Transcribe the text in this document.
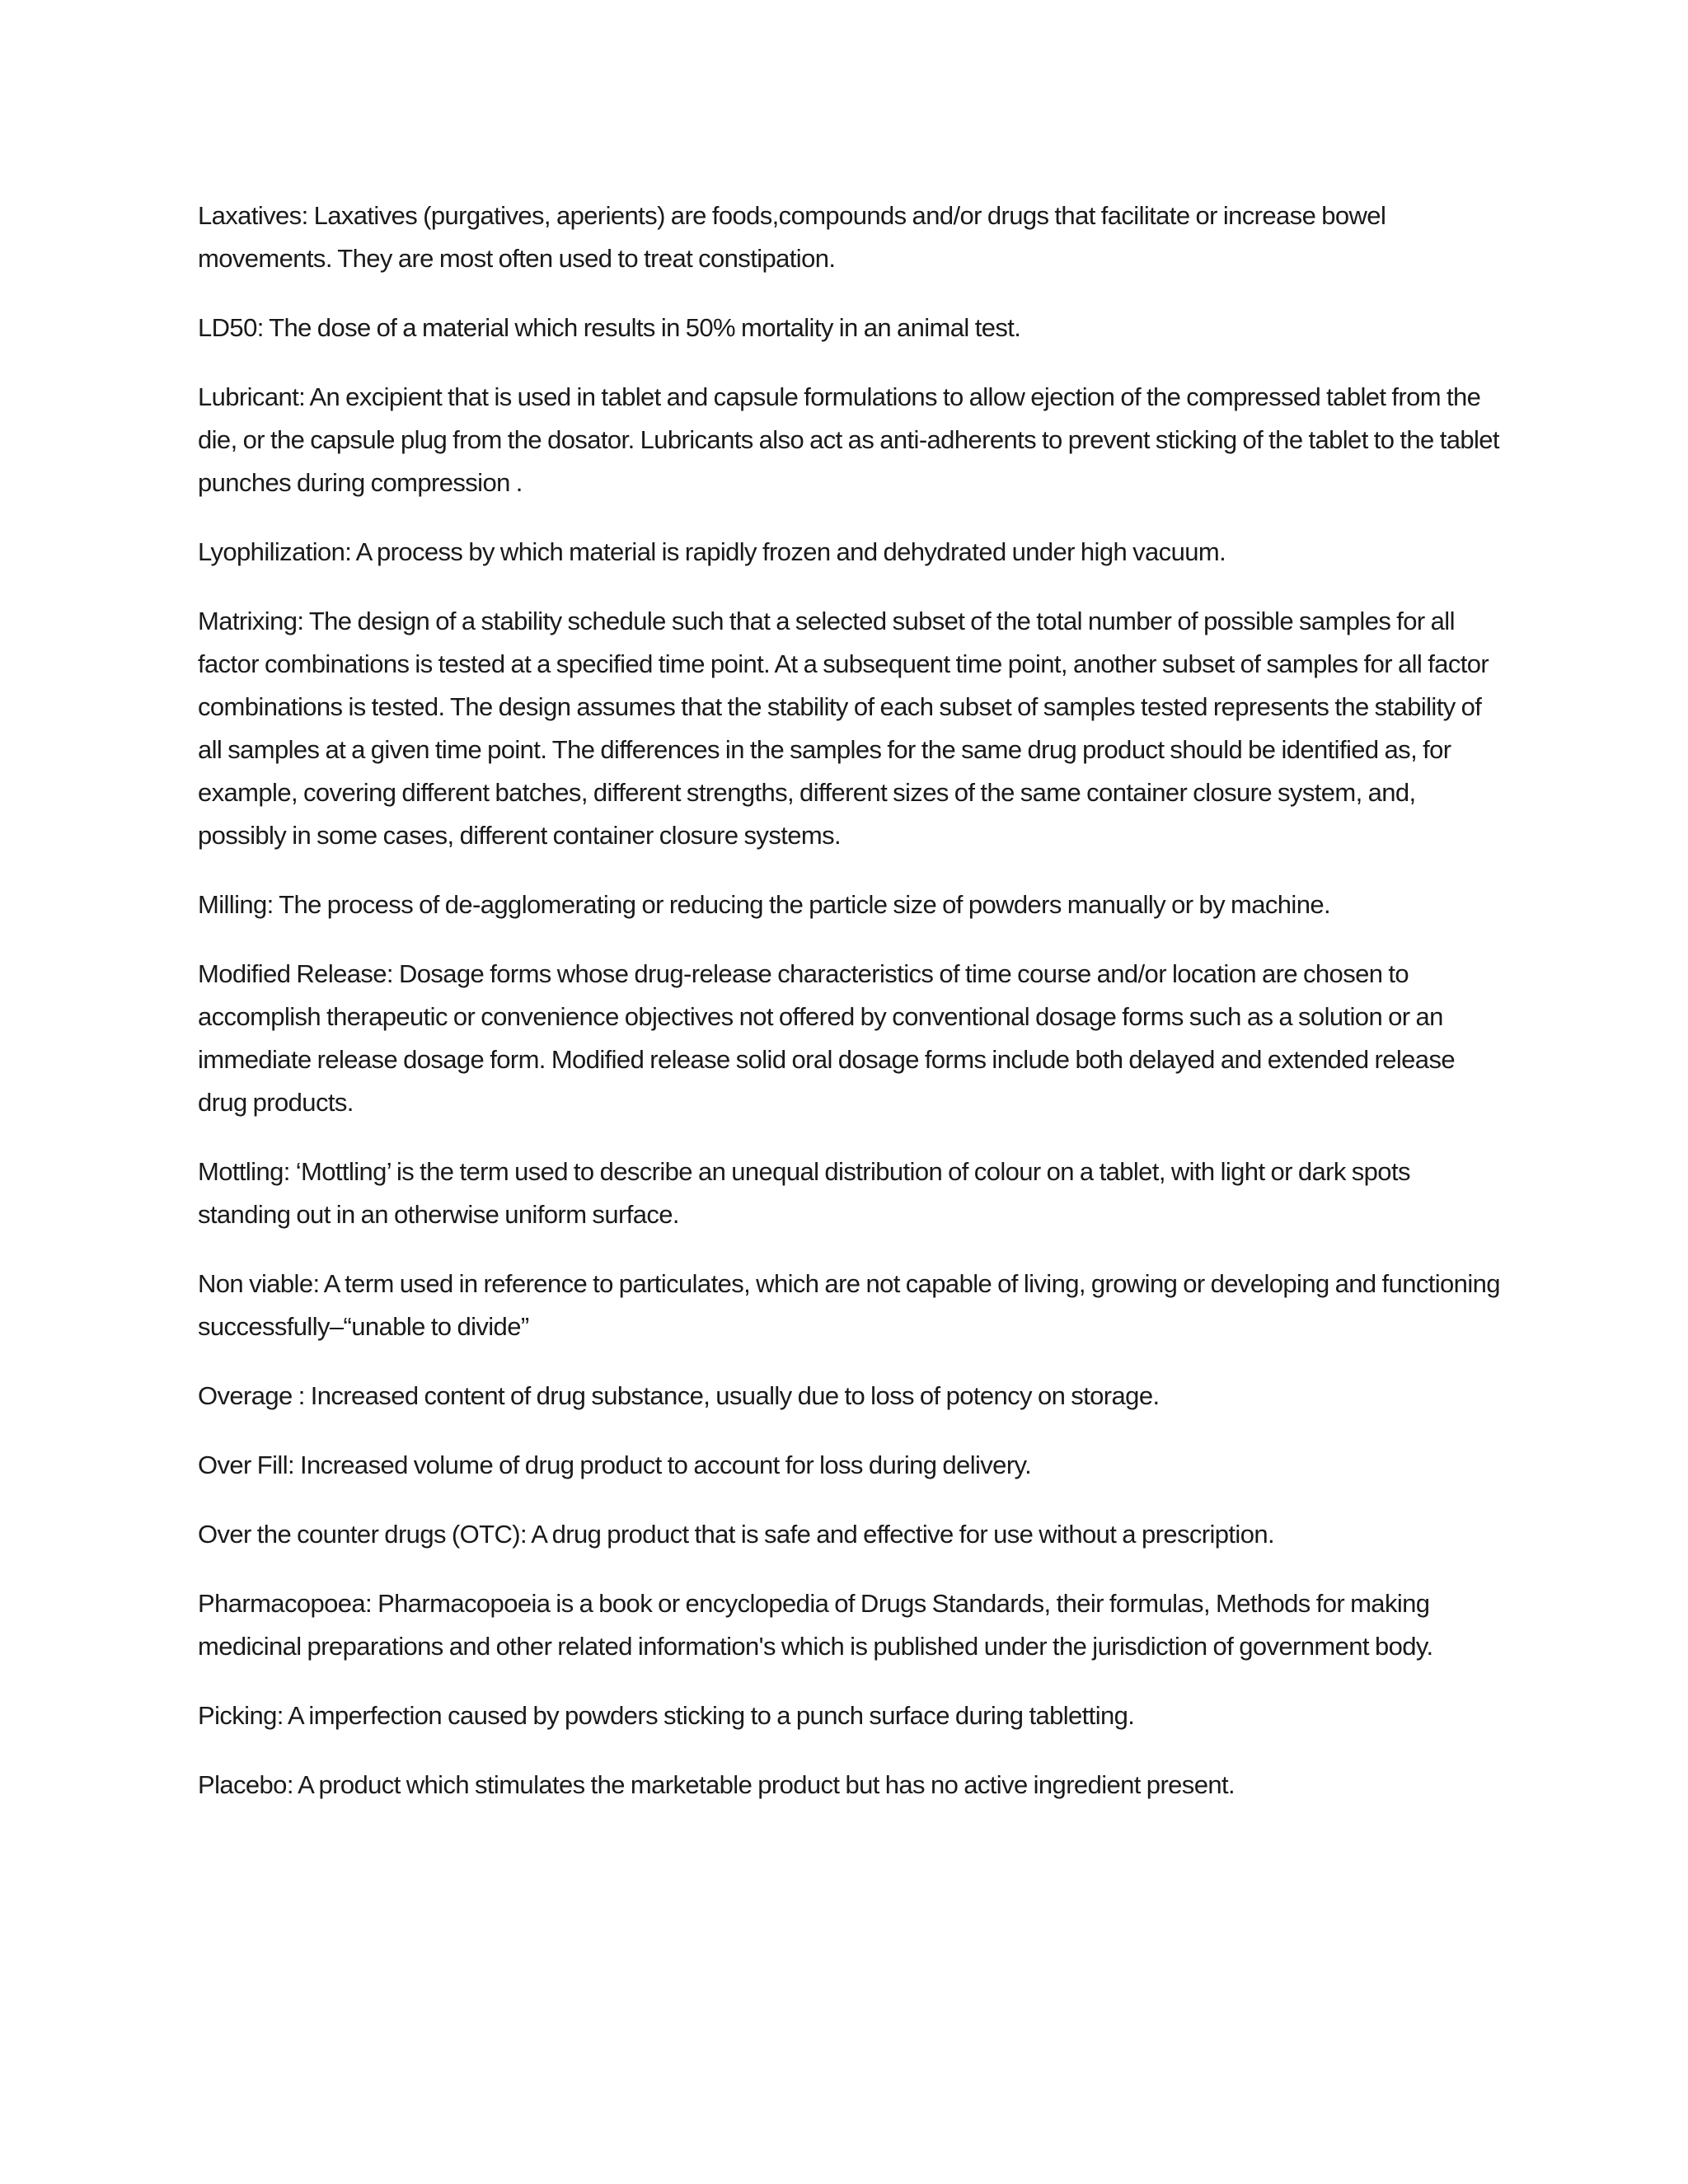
Laxatives: Laxatives (purgatives, aperients) are foods,compounds and/or drugs that facilitate or increase bowel movements. They are most often used to treat constipation.

LD50: The dose of a material which results in 50% mortality in an animal test.

Lubricant: An excipient that is used in tablet and capsule formulations to allow ejection of the compressed tablet from the die, or the capsule plug from the dosator. Lubricants also act as anti-adherents to prevent sticking of the tablet to the tablet punches during compression .

Lyophilization: A process by which material is rapidly frozen and dehydrated under high vacuum.

Matrixing: The design of a stability schedule such that a selected subset of the total number of possible samples for all factor combinations is tested at a specified time point. At a subsequent time point, another subset of samples for all factor combinations is tested. The design assumes that the stability of each subset of samples tested represents the stability of all samples at a given time point. The differences in the samples for the same drug product should be identified as, for example, covering different batches, different strengths, different sizes of the same container closure system, and, possibly in some cases, different container closure systems.

Milling: The process of de-agglomerating or reducing the particle size of powders manually or by machine.

Modified Release: Dosage forms whose drug-release characteristics of time course and/or location are chosen to accomplish therapeutic or convenience objectives not offered by conventional dosage forms such as a solution or an immediate release dosage form. Modified release solid oral dosage forms include both delayed and extended release drug products.

Mottling: ‘Mottling’ is the term used to describe an unequal distribution of colour on a tablet, with light or dark spots standing out in an otherwise uniform surface.

Non viable: A term used in reference to particulates, which are not capable of living, growing or developing and functioning successfully–“unable to divide”

Overage : Increased content of drug substance, usually due to loss of potency on storage.

Over Fill: Increased volume of drug product to account for loss during delivery.

Over the counter drugs (OTC): A drug product that is safe and effective for use without a prescription.

Pharmacopoea: Pharmacopoeia is a book or encyclopedia of Drugs Standards, their formulas, Methods for making medicinal preparations and other related information's which is published under the jurisdiction of government body.

Picking: A imperfection caused by powders sticking to a punch surface during tabletting.

Placebo: A product which stimulates the marketable product but has no active ingredient present.
